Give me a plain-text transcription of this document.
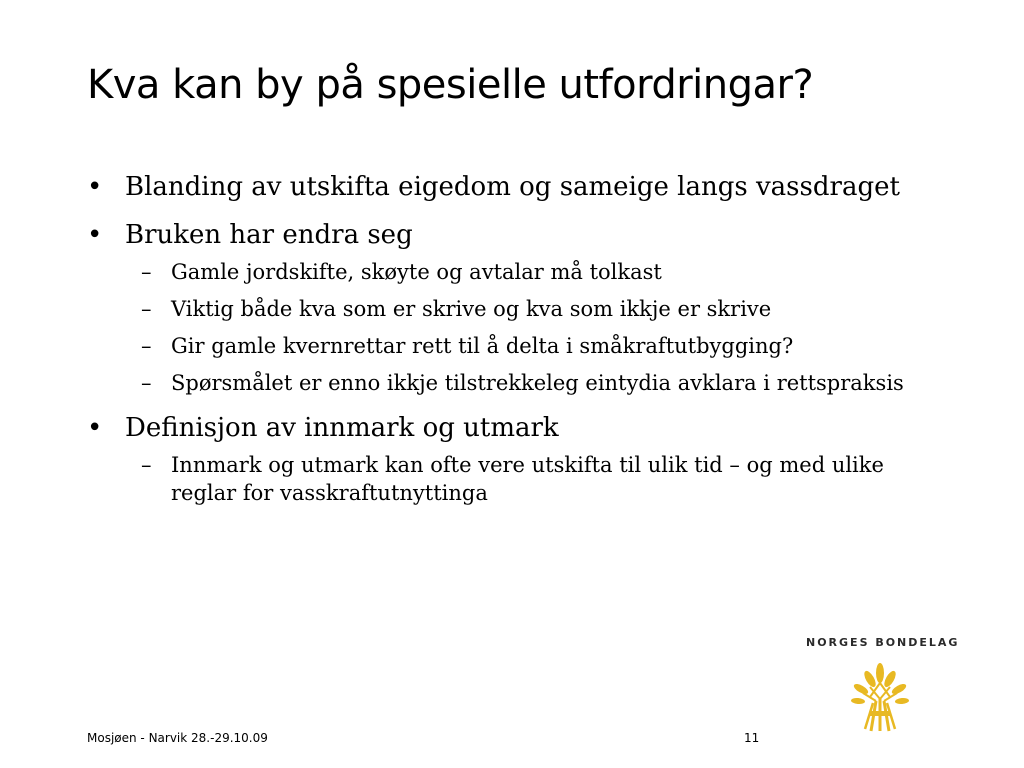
Kva kan by på spesielle utfordringar?
• Blanding av utskifta eigedom og sameige langs vassdraget
• Bruken har endra seg
– Gamle jordskifte, skøyte og avtalar må tolkast
– Viktig både kva som er skrive og kva som ikkje er skrive
– Gir gamle kvernrettar rett til å delta i småkraftutbygging?
– Spørsmålet er enno ikkje tilstrekkeleg eintydia avklara i rettspraksis
• Definisjon av innmark og utmark
– Innmark og utmark kan ofte vere utskifta til ulik tid – og med ulike reglar for vasskraftutnyttinga
NORGES BONDELAG
Mosjøen - Narvik 28.-29.10.09	11
